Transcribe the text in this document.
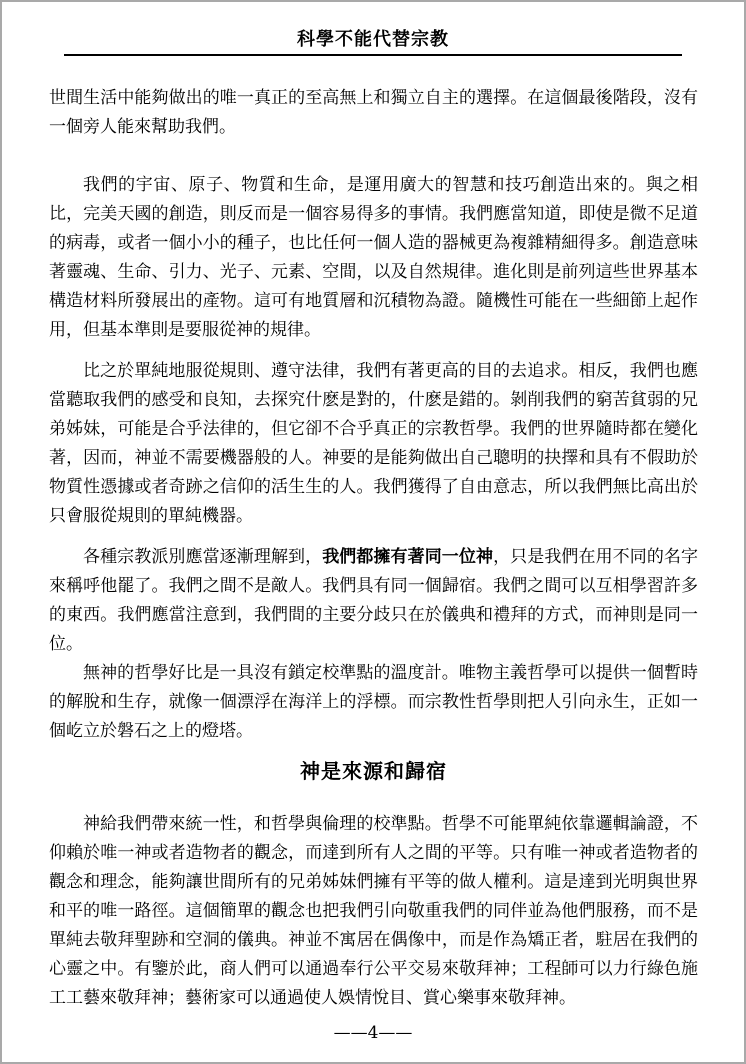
科學不能代替宗教

世間生活中能夠做出的唯一真正的至高無上和獨立自主的選擇。在這個最後階段，沒有一個旁人能來幫助我們。

我們的宇宙、原子、物質和生命，是運用廣大的智慧和技巧創造出來的。與之相比，完美天國的創造，則反而是一個容易得多的事情。我們應當知道，即使是微不足道的病毒，或者一個小小的種子，也比任何一個人造的器械更為複雜精細得多。創造意味著靈魂、生命、引力、光子、元素、空間，以及自然規律。進化則是前列這些世界基本構造材料所發展出的產物。這可有地質層和沉積物為證。隨機性可能在一些細節上起作用，但基本準則是要服從神的規律。

比之於單純地服從規則、遵守法律，我們有著更高的目的去追求。相反，我們也應當聽取我們的感受和良知，去探究什麽是對的，什麽是錯的。剝削我們的窮苦貧弱的兄弟姊妹，可能是合乎法律的，但它卻不合乎真正的宗教哲學。我們的世界隨時都在變化著，因而，神並不需要機器般的人。神要的是能夠做出自己聰明的抉擇和具有不假助於物質性憑據或者奇跡之信仰的活生生的人。我們獲得了自由意志，所以我們無比高出於只會服從規則的單純機器。

各種宗教派別應當逐漸理解到，我們都擁有著同一位神，只是我們在用不同的名字來稱呼他罷了。我們之間不是敵人。我們具有同一個歸宿。我們之間可以互相學習許多的東西。我們應當注意到，我們間的主要分歧只在於儀典和禮拜的方式，而神則是同一位。

無神的哲學好比是一具沒有鎖定校準點的溫度計。唯物主義哲學可以提供一個暫時的解脫和生存，就像一個漂浮在海洋上的浮標。而宗教性哲學則把人引向永生，正如一個屹立於磐石之上的燈塔。

神是來源和歸宿

神給我們帶來統一性，和哲學與倫理的校準點。哲學不可能單純依靠邏輯論證，不仰賴於唯一神或者造物者的觀念，而達到所有人之間的平等。只有唯一神或者造物者的觀念和理念，能夠讓世間所有的兄弟姊妹們擁有平等的做人權利。這是達到光明與世界和平的唯一路徑。這個簡單的觀念也把我們引向敬重我們的同伴並為他們服務，而不是單純去敬拜聖跡和空洞的儀典。神並不寓居在偶像中，而是作為矯正者，駐居在我們的心靈之中。有鑒於此，商人們可以通過奉行公平交易來敬拜神；工程師可以力行綠色施工工藝來敬拜神；藝術家可以通過使人娛情悅目、賞心樂事來敬拜神。

——4——
